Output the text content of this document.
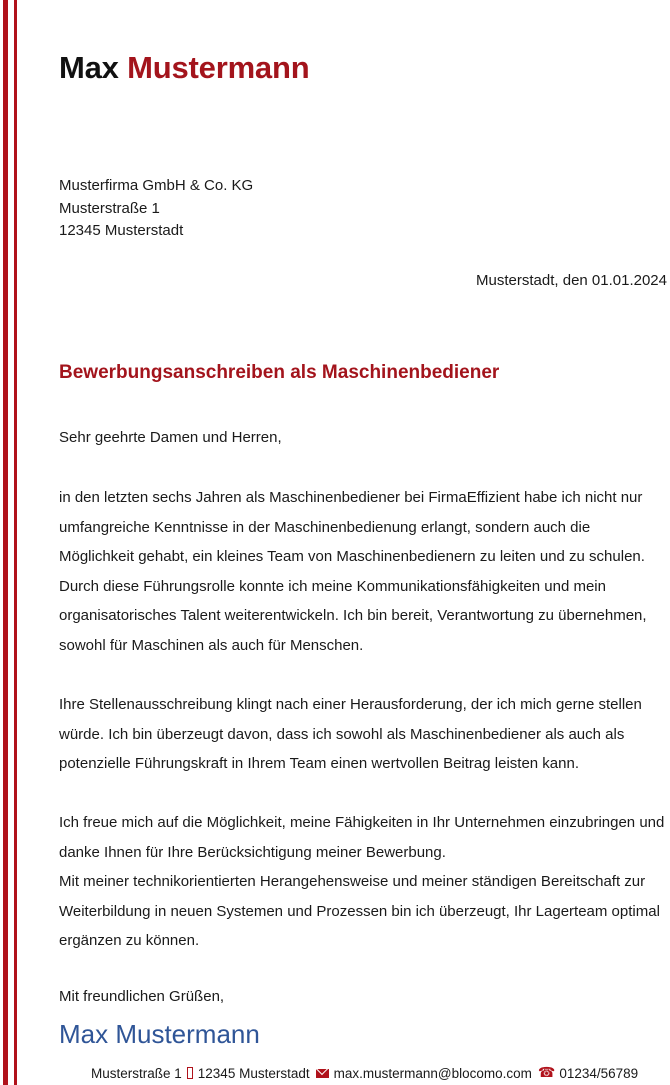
Max Mustermann
Musterfirma GmbH & Co. KG
Musterstraße 1
12345 Musterstadt
Musterstadt, den 01.01.2024
Bewerbungsanschreiben als Maschinenbediener
Sehr geehrte Damen und Herren,
in den letzten sechs Jahren als Maschinenbediener bei FirmaEffizient habe ich nicht nur umfangreiche Kenntnisse in der Maschinenbedienung erlangt, sondern auch die Möglichkeit gehabt, ein kleines Team von Maschinenbedienern zu leiten und zu schulen. Durch diese Führungsrolle konnte ich meine Kommunikationsfähigkeiten und mein organisatorisches Talent weiterentwickeln. Ich bin bereit, Verantwortung zu übernehmen, sowohl für Maschinen als auch für Menschen.
Ihre Stellenausschreibung klingt nach einer Herausforderung, der ich mich gerne stellen würde. Ich bin überzeugt davon, dass ich sowohl als Maschinenbediener als auch als potenzielle Führungskraft in Ihrem Team einen wertvollen Beitrag leisten kann.
Ich freue mich auf die Möglichkeit, meine Fähigkeiten in Ihr Unternehmen einzubringen und danke Ihnen für Ihre Berücksichtigung meiner Bewerbung.
Mit meiner technikorientierten Herangehensweise und meiner ständigen Bereitschaft zur Weiterbildung in neuen Systemen und Prozessen bin ich überzeugt, Ihr Lagerteam optimal ergänzen zu können.
Mit freundlichen Grüßen,
Max Mustermann
Musterstraße 1 12345 Musterstadt max.mustermann@blocomo.com ☎ 01234/56789
